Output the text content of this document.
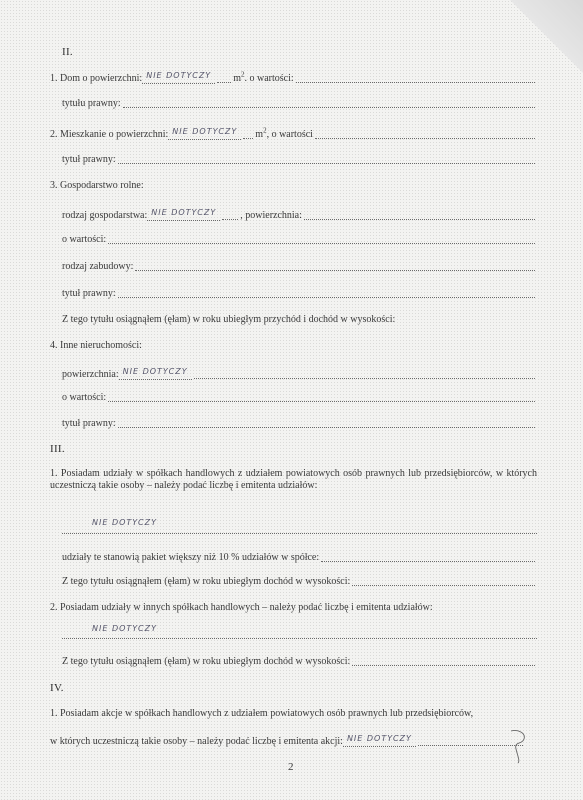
II.
1. Dom o powierzchni: NIE DOTYCZY	$m^2$ . o wartości:
tytułu prawny:
2. Mieszkanie o powierzchni: NIE DOTYCZY	$m^2$ , o wartości
tytuł prawny:
3. Gospodarstwo rolne:
rodzaj gospodarstwa: NIE DOTYCZY	, powierzchnia:
o wartości:
rodzaj zabudowy:
tytuł prawny:
Z tego tytułu osiągnąłem (ęłam) w roku ubiegłym przychód i dochód w wysokości:
4. Inne nieruchomości:
powierzchnia: NIE DOTYCZY
o wartości:
tytuł prawny:
III.
1. Posiadam udziały w spółkach handlowych z udziałem powiatowych osób prawnych lub przedsiębiorców, w których uczestniczą takie osoby – należy podać liczbę i emitenta udziałów:
NIE DOTYCZY
udziały te stanowią pakiet większy niż 10 % udziałów w spółce:
Z tego tytułu osiągnąłem (ęłam) w roku ubiegłym dochód w wysokości:
2. Posiadam udziały w innych spółkach handlowych – należy podać liczbę i emitenta udziałów:
NIE DOTYCZY
Z tego tytułu osiągnąłem (ęłam) w roku ubiegłym dochód w wysokości:
IV.
1. Posiadam akcje w spółkach handlowych z udziałem powiatowych osób prawnych lub przedsiębiorców,
w których uczestniczą takie osoby – należy podać liczbę i emitenta akcji: NIE DOTYCZY
2
